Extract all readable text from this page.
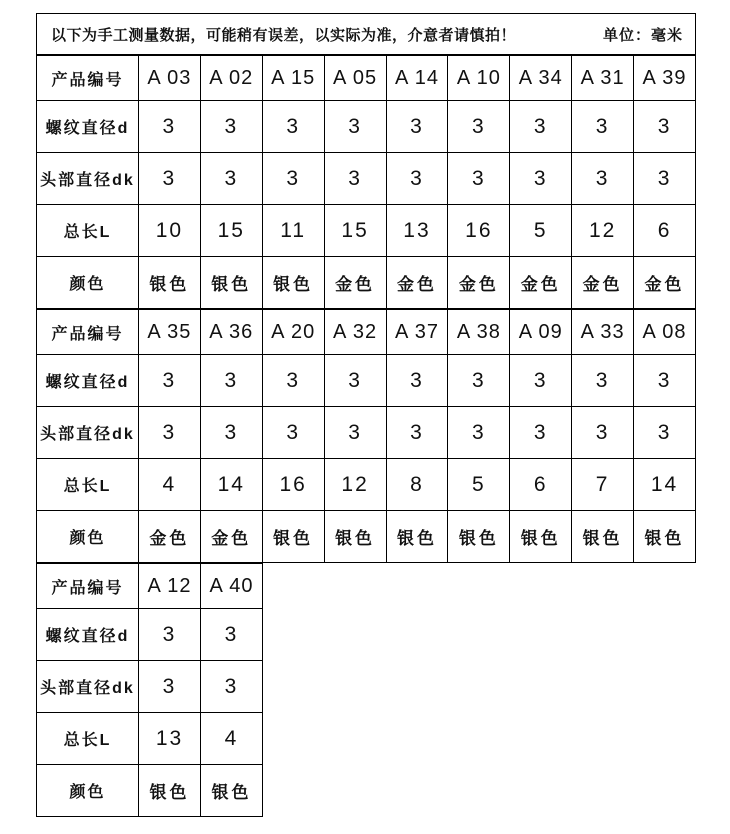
以下为手工测量数据，可能稍有误差，以实际为准，介意者请慎拍！	单位：毫米
产品编号	A 03	A 02	A 15	A 05	A 14	A 10	A 34	A 31	A 39
螺纹直径d	3	3	3	3	3	3	3	3	3
头部直径dk	3	3	3	3	3	3	3	3	3
总长L	10	15	11	15	13	16	5	12	6
颜色	银色	银色	银色	金色	金色	金色	金色	金色	金色
产品编号	A 35	A 36	A 20	A 32	A 37	A 38	A 09	A 33	A 08
螺纹直径d	3	3	3	3	3	3	3	3	3
头部直径dk	3	3	3	3	3	3	3	3	3
总长L	4	14	16	12	8	5	6	7	14
颜色	金色	金色	银色	银色	银色	银色	银色	银色	银色
产品编号	A 12	A 40
螺纹直径d	3	3
头部直径dk	3	3
总长L	13	4
颜色	银色	银色
